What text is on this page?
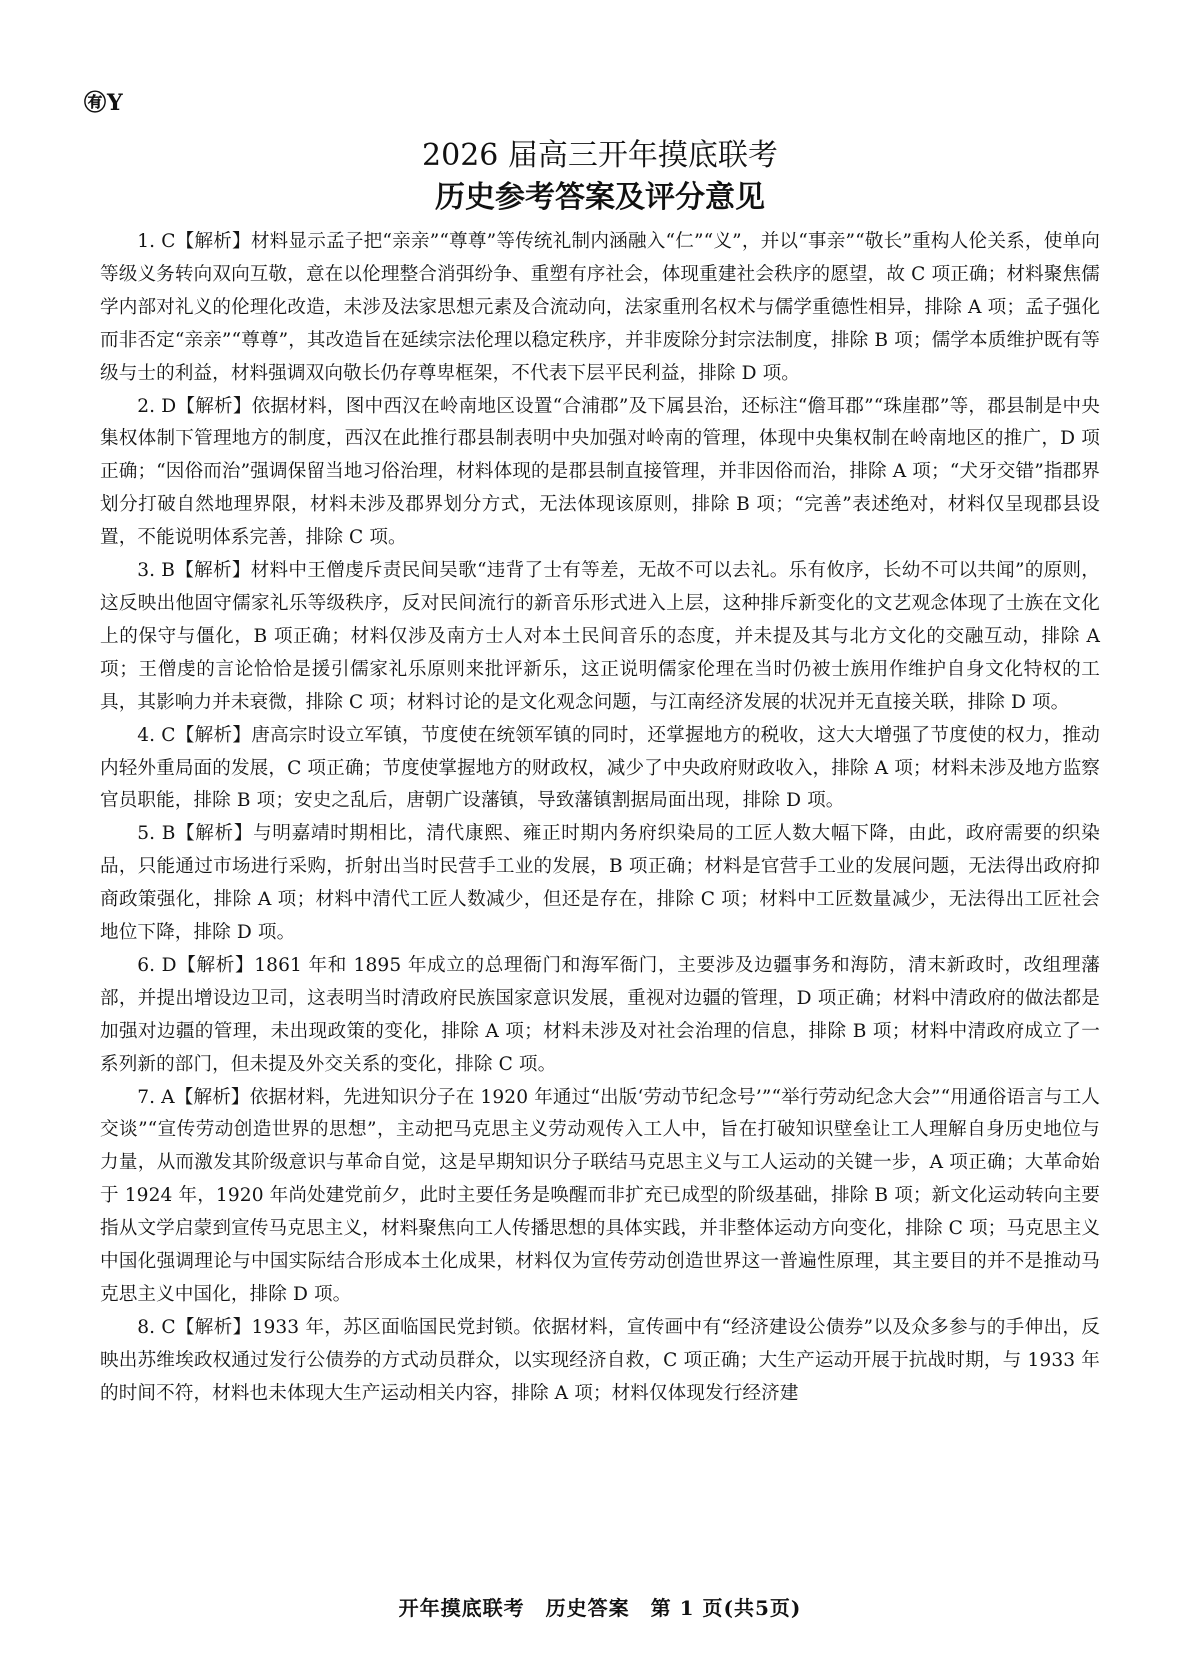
㊒Y
2026 届高三开年摸底联考
历史参考答案及评分意见

1. C【解析】材料显示孟子把“亲亲”“尊尊”等传统礼制内涵融入“仁”“义”，并以“事亲”“敬长”重构人伦关系，使单向等级义务转向双向互敬，意在以伦理整合消弭纷争、重塑有序社会，体现重建社会秩序的愿望，故 C 项正确；材料聚焦儒学内部对礼义的伦理化改造，未涉及法家思想元素及合流动向，法家重刑名权术与儒学重德性相异，排除 A 项；孟子强化而非否定“亲亲”“尊尊”，其改造旨在延续宗法伦理以稳定秩序，并非废除分封宗法制度，排除 B 项；儒学本质维护既有等级与士的利益，材料强调双向敬长仍存尊卑框架，不代表下层平民利益，排除 D 项。

2. D【解析】依据材料，图中西汉在岭南地区设置“合浦郡”及下属县治，还标注“儋耳郡”“珠崖郡”等，郡县制是中央集权体制下管理地方的制度，西汉在此推行郡县制表明中央加强对岭南的管理，体现中央集权制在岭南地区的推广，D 项正确；“因俗而治”强调保留当地习俗治理，材料体现的是郡县制直接管理，并非因俗而治，排除 A 项；“犬牙交错”指郡界划分打破自然地理界限，材料未涉及郡界划分方式，无法体现该原则，排除 B 项；“完善”表述绝对，材料仅呈现郡县设置，不能说明体系完善，排除 C 项。

3. B【解析】材料中王僧虔斥责民间吴歌“违背了士有等差，无故不可以去礼。乐有攸序，长幼不可以共闻”的原则，这反映出他固守儒家礼乐等级秩序，反对民间流行的新音乐形式进入上层，这种排斥新变化的文艺观念体现了士族在文化上的保守与僵化，B 项正确；材料仅涉及南方士人对本土民间音乐的态度，并未提及其与北方文化的交融互动，排除 A 项；王僧虔的言论恰恰是援引儒家礼乐原则来批评新乐，这正说明儒家伦理在当时仍被士族用作维护自身文化特权的工具，其影响力并未衰微，排除 C 项；材料讨论的是文化观念问题，与江南经济发展的状况并无直接关联，排除 D 项。

4. C【解析】唐高宗时设立军镇，节度使在统领军镇的同时，还掌握地方的税收，这大大增强了节度使的权力，推动内轻外重局面的发展，C 项正确；节度使掌握地方的财政权，减少了中央政府财政收入，排除 A 项；材料未涉及地方监察官员职能，排除 B 项；安史之乱后，唐朝广设藩镇，导致藩镇割据局面出现，排除 D 项。

5. B【解析】与明嘉靖时期相比，清代康熙、雍正时期内务府织染局的工匠人数大幅下降，由此，政府需要的织染品，只能通过市场进行采购，折射出当时民营手工业的发展，B 项正确；材料是官营手工业的发展问题，无法得出政府抑商政策强化，排除 A 项；材料中清代工匠人数减少，但还是存在，排除 C 项；材料中工匠数量减少，无法得出工匠社会地位下降，排除 D 项。

6. D【解析】1861 年和 1895 年成立的总理衙门和海军衙门，主要涉及边疆事务和海防，清末新政时，改组理藩部，并提出增设边卫司，这表明当时清政府民族国家意识发展，重视对边疆的管理，D 项正确；材料中清政府的做法都是加强对边疆的管理，未出现政策的变化，排除 A 项；材料未涉及对社会治理的信息，排除 B 项；材料中清政府成立了一系列新的部门，但未提及外交关系的变化，排除 C 项。

7. A【解析】依据材料，先进知识分子在 1920 年通过“出版‘劳动节纪念号’”“举行劳动纪念大会”“用通俗语言与工人交谈”“宣传劳动创造世界的思想”，主动把马克思主义劳动观传入工人中，旨在打破知识壁垒让工人理解自身历史地位与力量，从而激发其阶级意识与革命自觉，这是早期知识分子联结马克思主义与工人运动的关键一步，A 项正确；大革命始于 1924 年，1920 年尚处建党前夕，此时主要任务是唤醒而非扩充已成型的阶级基础，排除 B 项；新文化运动转向主要指从文学启蒙到宣传马克思主义，材料聚焦向工人传播思想的具体实践，并非整体运动方向变化，排除 C 项；马克思主义中国化强调理论与中国实际结合形成本土化成果，材料仅为宣传劳动创造世界这一普遍性原理，其主要目的并不是推动马克思主义中国化，排除 D 项。

8. C【解析】1933 年，苏区面临国民党封锁。依据材料，宣传画中有“经济建设公债券”以及众多参与的手伸出，反映出苏维埃政权通过发行公债券的方式动员群众，以实现经济自救，C 项正确；大生产运动开展于抗战时期，与 1933 年的时间不符，材料也未体现大生产运动相关内容，排除 A 项；材料仅体现发行经济建

开年摸底联考　历史答案　第 1 页(共5页)
